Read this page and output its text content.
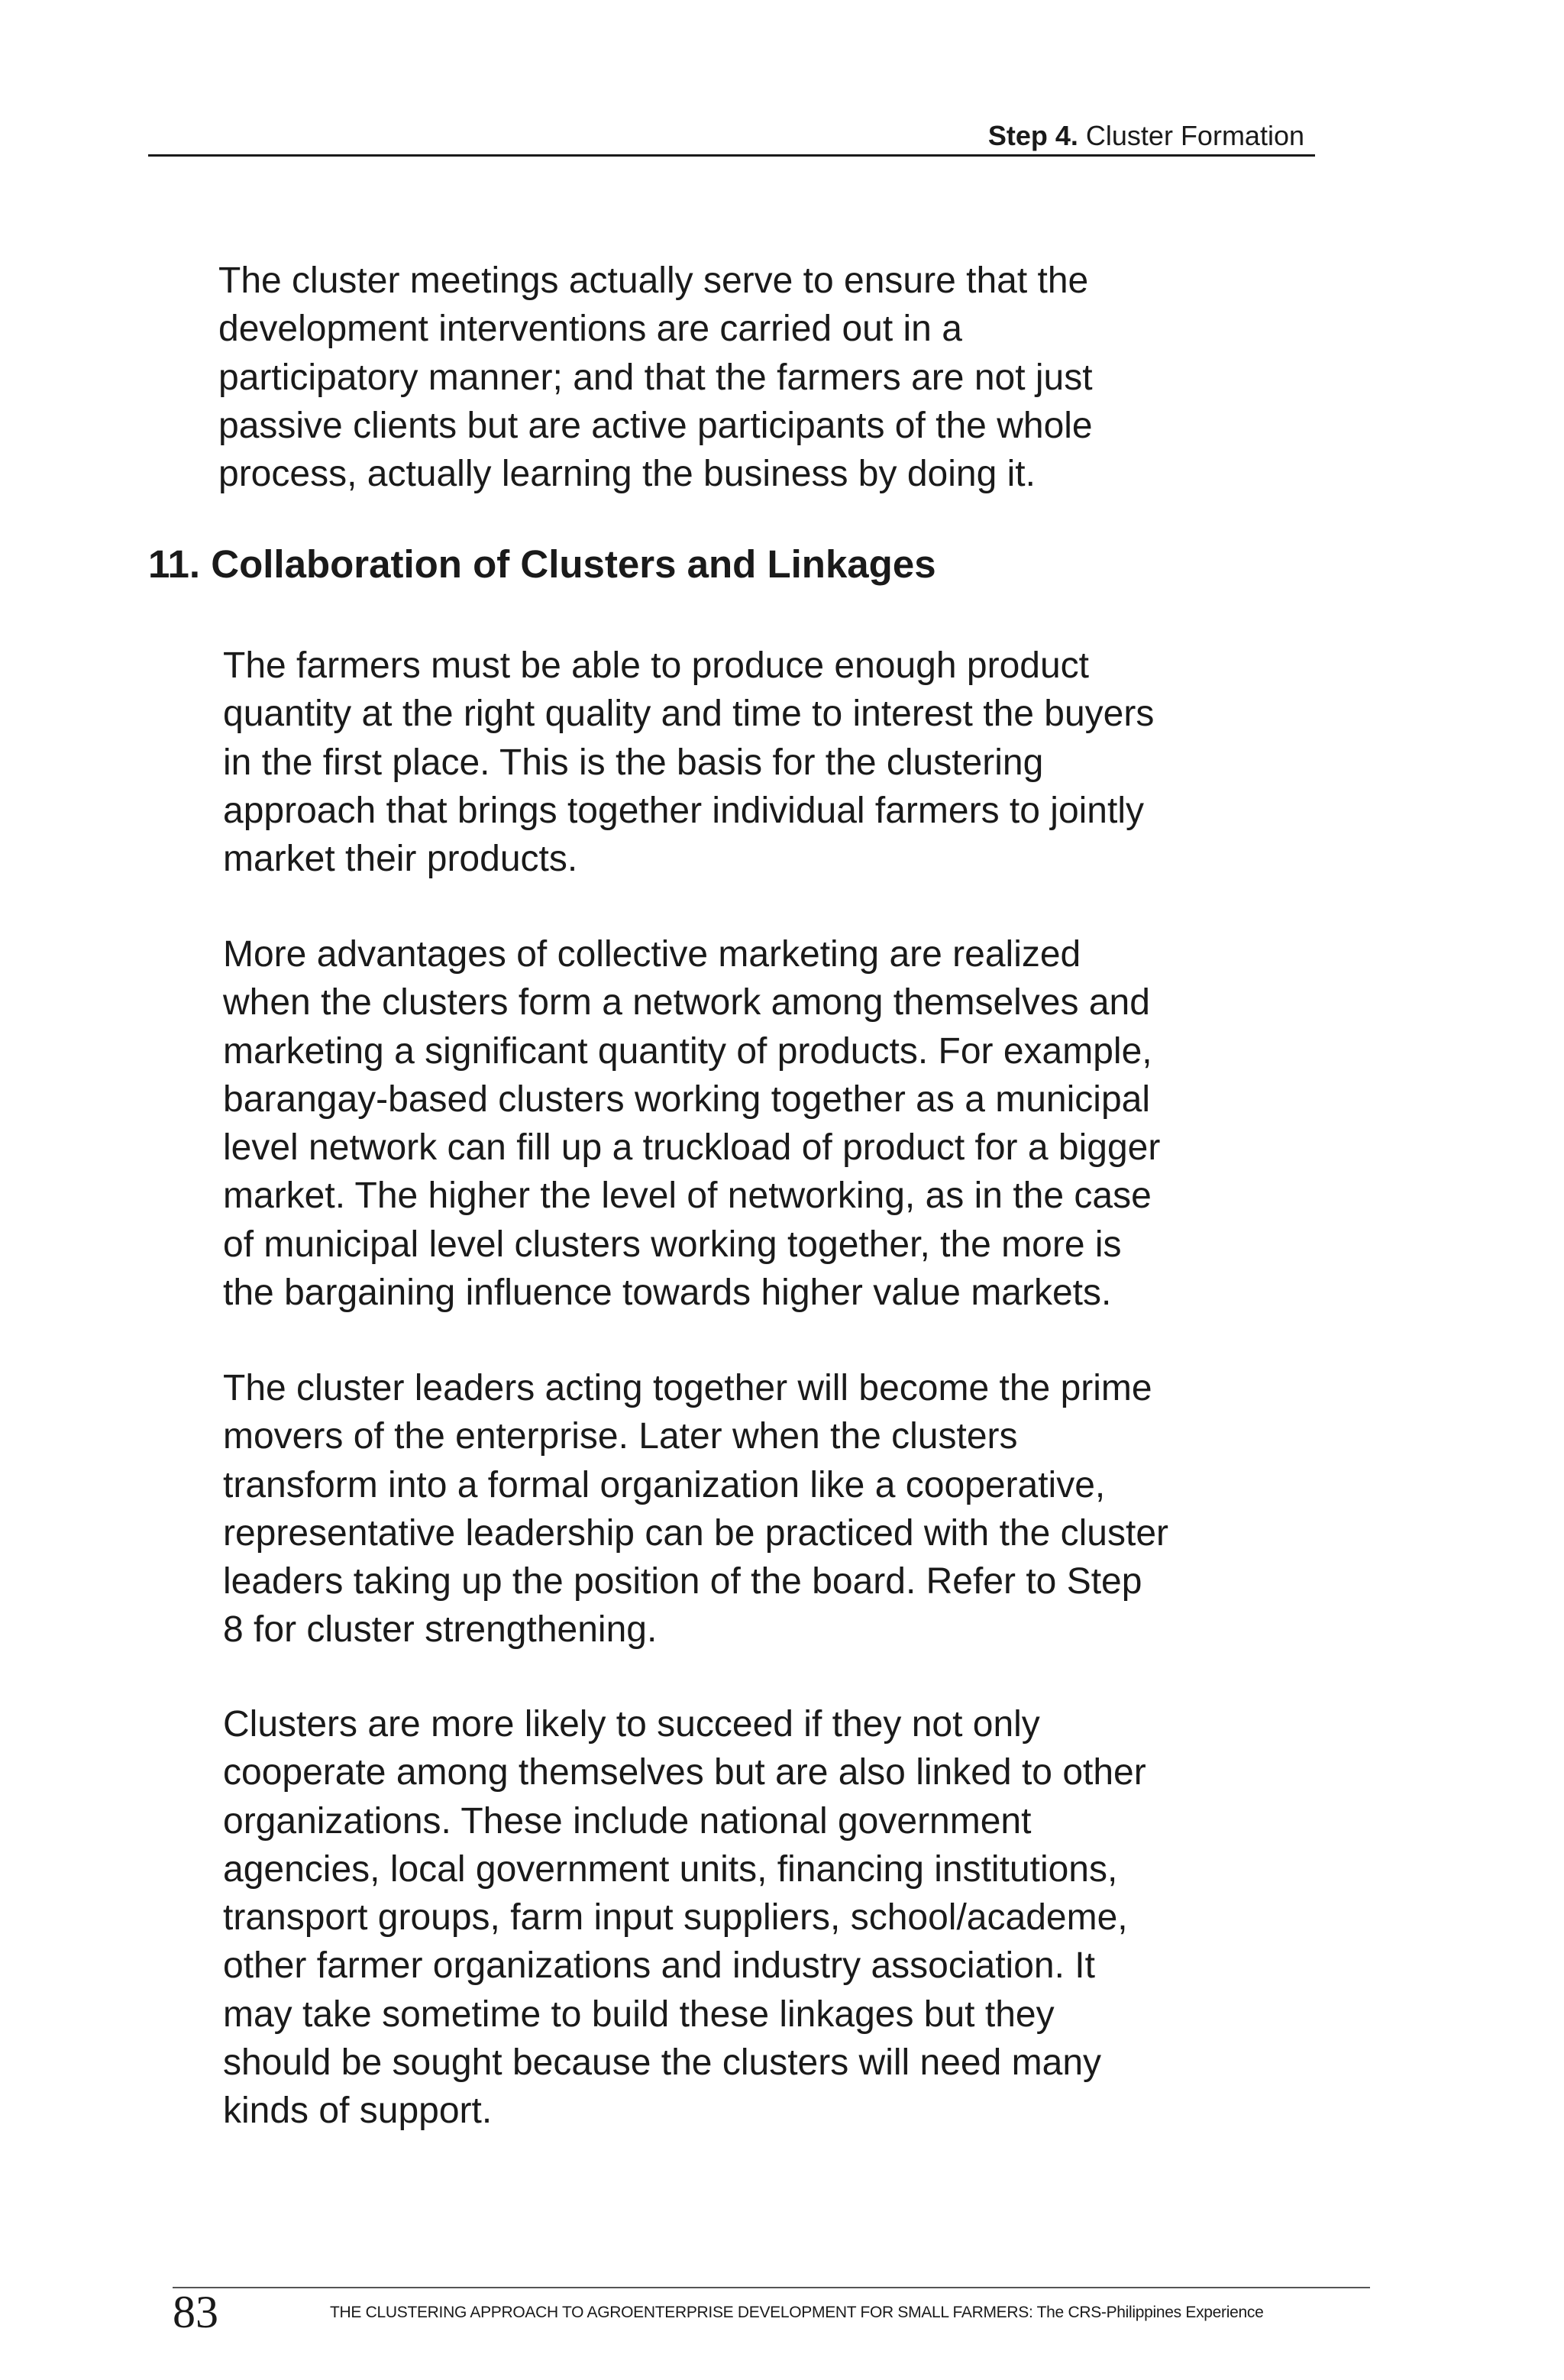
Step 4. Cluster Formation

The cluster meetings actually serve to ensure that the
development interventions are carried out in a
participatory manner; and that the farmers are not just
passive clients but are active participants of the whole
process, actually learning the business by doing it.

11. Collaboration of Clusters and Linkages

The farmers must be able to produce enough product
quantity at the right quality and time to interest the buyers
in the first place. This is the basis for the clustering
approach that brings together individual farmers to jointly
market their products.

More advantages of collective marketing are realized
when the clusters form a network among themselves and
marketing a significant quantity of products. For example,
barangay-based clusters working together as a municipal
level network can fill up a truckload of product for a bigger
market. The higher the level of networking, as in the case
of municipal level clusters working together, the more is
the bargaining influence towards higher value markets.

The cluster leaders acting together will become the prime
movers of the enterprise. Later when the clusters
transform into a formal organization like a cooperative,
representative leadership can be practiced with the cluster
leaders taking up the position of the board. Refer to Step
8 for cluster strengthening.

Clusters are more likely to succeed if they not only
cooperate among themselves but are also linked to other
organizations. These include national government
agencies, local government units, financing institutions,
transport groups, farm input suppliers, school/academe,
other farmer organizations and industry association. It
may take sometime to build these linkages but they
should be sought because the clusters will need many
kinds of support.

83	THE CLUSTERING APPROACH TO AGROENTERPRISE DEVELOPMENT FOR SMALL FARMERS: The CRS-Philippines Experience
